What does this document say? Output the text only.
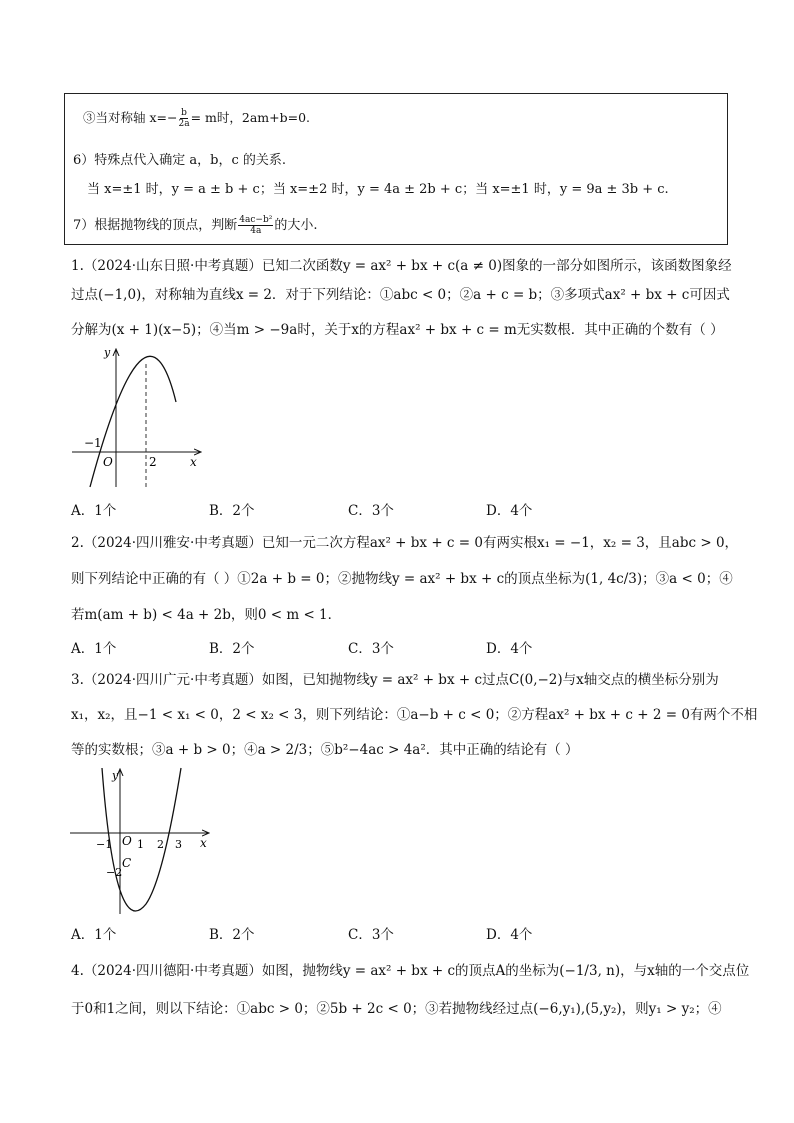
③当对称轴 $x=- \frac{b}{2a} = m$时，2am+b=0.
6）特殊点代入确定 a，b，c 的关系.
当 x=±1 时，y = a ± b + c；当 x=±2 时，y = 4a ± 2b + c；当 x=±1 时，y = 9a ± 3b + c.
7）根据抛物线的顶点，判断 $\frac{\text{4ac−b²}}{4a}$ 的大小.
1.（2024·山东日照·中考真题）已知二次函数y = ax² + bx + c(a ≠ 0)图象的一部分如图所示，该函数图象经
过点(−1,0)，对称轴为直线x = 2．对于下列结论：①abc < 0；②a + c = b；③多项式ax² + bx + c可因式
分解为(x + 1)(x−5)；④当m > −9a时，关于x的方程ax² + bx + c = m无实数根．其中正确的个数有（ ）
y
x
O
−1
2
A．1个	B．2个	C．3个	D．4个
2.（2024·四川雅安·中考真题）已知一元二次方程ax² + bx + c = 0有两实根x₁ = −1，x₂ = 3，且abc > 0，
则下列结论中正确的有（ ）①2a + b = 0；②抛物线y = ax² + bx + c的顶点坐标为(1, 4c/3)；③a < 0；④
若m(am + b) < 4a + 2b，则0 < m < 1．
A．1个	B．2个	C．3个	D．4个
3.（2024·四川广元·中考真题）如图，已知抛物线y = ax² + bx + c过点C(0,−2)与x轴交点的横坐标分别为
x₁，x₂，且−1 < x₁ < 0，2 < x₂ < 3，则下列结论：①a−b + c < 0；②方程ax² + bx + c + 2 = 0有两个不相
等的实数根；③a + b > 0；④a > 2/3；⑤b²−4ac > 4a²．其中正确的结论有（ ）
y
x
O
−1 1 2 3
−2
C
A．1个	B．2个	C．3个	D．4个
4.（2024·四川德阳·中考真题）如图，抛物线y = ax² + bx + c的顶点A的坐标为(−1/3, n)，与x轴的一个交点位
于0和1之间，则以下结论：①abc > 0；②5b + 2c < 0；③若抛物线经过点(−6,y₁),(5,y₂)，则y₁ > y₂；④
